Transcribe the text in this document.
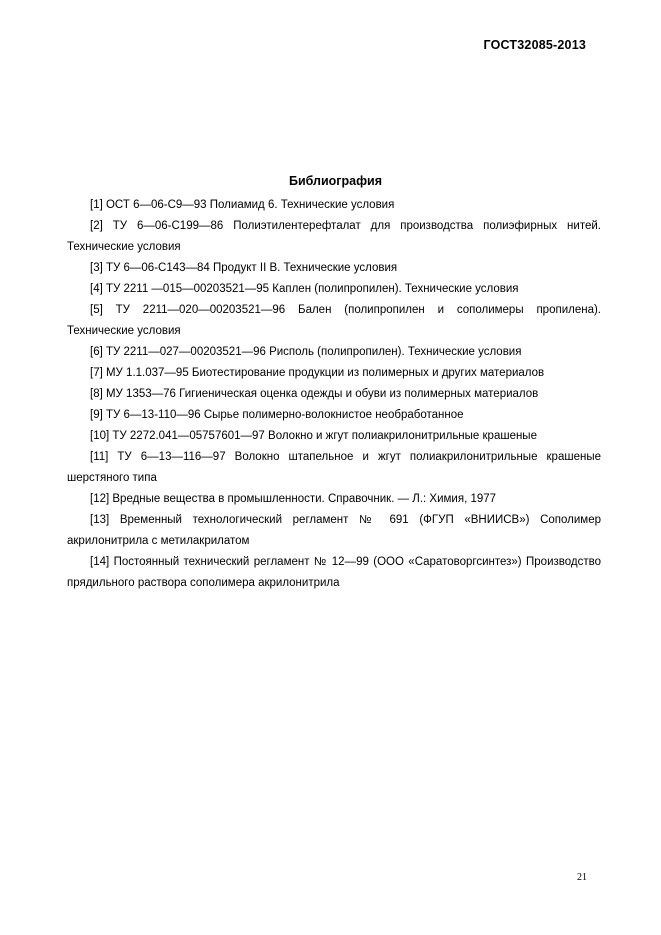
ГОСТ32085-2013
Библиография

[1] ОСТ 6—06-С9—93 Полиамид 6. Технические условия

[2] ТУ 6—06-С199—86 Полиэтилентерефталат для производства полиэфирных нитей. Технические условия

[3] ТУ 6—06-С143—84 Продукт II В. Технические условия

[4] ТУ 2211 —015—00203521—95 Каплен (полипропилен). Технические условия

[5] ТУ 2211—020—00203521—96 Бален (полипропилен и сополимеры пропилена). Технические условия

[6] ТУ 2211—027—00203521—96 Рисполь (полипропилен). Технические условия

[7] МУ 1.1.037—95 Биотестирование продукции из полимерных и других материалов

[8] МУ 1353—76 Гигиеническая оценка одежды и обуви из полимерных материалов

[9] ТУ 6—13-110—96 Сырье полимерно-волокнистое необработанное

[10] ТУ 2272.041—05757601—97 Волокно и жгут полиакрилонитрильные крашеные

[11] ТУ 6—13—116—97 Волокно штапельное и жгут полиакрилонитрильные крашеные шерстяного типа

[12] Вредные вещества в промышленности. Справочник. — Л.: Химия, 1977

[13] Временный технологический регламент № 691 (ФГУП «ВНИИСВ») Сополимер акрилонитрила с метилакрилатом

[14] Постоянный технический регламент № 12—99 (ООО «Саратоворгсинтез») Производство прядильного раствора сополимера акрилонитрила

21
